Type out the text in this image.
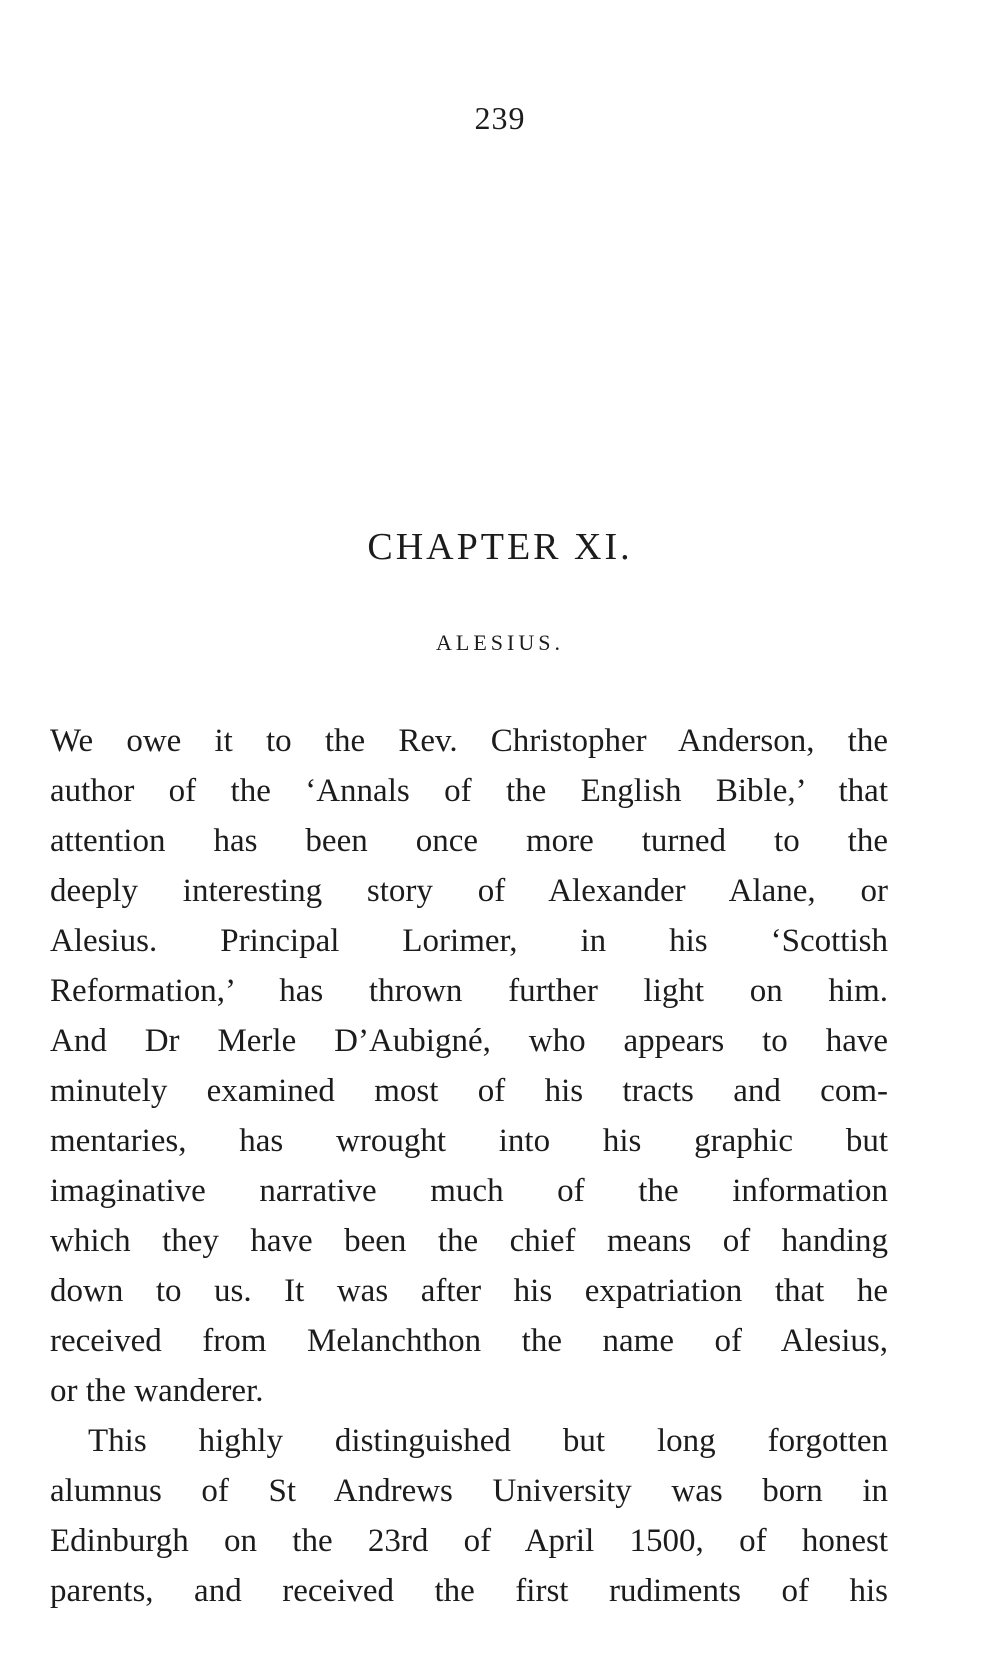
239
CHAPTER XI.
ALESIUS.
We owe it to the Rev. Christopher Anderson, the
author of the ‘Annals of the English Bible,’ that
attention has been once more turned to the
deeply interesting story of Alexander Alane, or
Alesius. Principal Lorimer, in his ‘Scottish
Reformation,’ has thrown further light on him.
And Dr Merle D’Aubigné, who appears to have
minutely examined most of his tracts and com-
mentaries, has wrought into his graphic but
imaginative narrative much of the information
which they have been the chief means of handing
down to us. It was after his expatriation that he
received from Melanchthon the name of Alesius,
or the wanderer.
This highly distinguished but long forgotten
alumnus of St Andrews University was born in
Edinburgh on the 23rd of April 1500, of honest
parents, and received the first rudiments of his
